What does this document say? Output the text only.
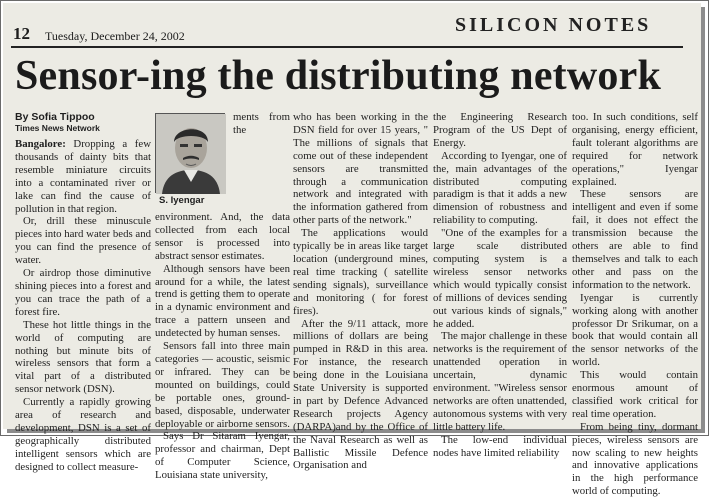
12 Tuesday, December 24, 2002	SILICON NOTES
Sensor-ing the distributing network
By Sofia Tippoo
Times News Network

Bangalore: Dropping a few thousands of dainty bits that resemble miniature circuits into a contaminated river or lake can find the cause of pollution in that region.

Or, drill these minuscule pieces into hard water beds and you can find the presence of water.

Or airdrop those diminutive shining pieces into a forest and you can trace the path of a forest fire.

These hot little things in the world of computing are nothing but minute bits of wireless sensors that form a vital part of a distributed sensor network (DSN).

Currently a rapidly growing area of research and development, DSN is a set of geographically distributed intelligent sensors which are designed to collect measure-

S. Iyengar

ments from the environment. And, the data collected from each local sensor is processed into abstract sensor estimates.

Although sensors have been around for a while, the latest trend is getting them to operate in a dynamic environment and trace a pattern unseen and undetected by human senses.

Sensors fall into three main categories — acoustic, seismic or infrared. They can be mounted on buildings, could be portable ones, ground-based, disposable, underwater deployable or airborne sensors.

Says Dr Sitaram Iyengar, professor and chairman, Dept of Computer Science, Louisiana state university,

who has been working in the DSN field for over 15 years, " The millions of signals that come out of these independent sensors are transmitted through a communication network and integrated with the information gathered from other parts of the network."

The applications would typically be in areas like target location (underground mines, real time tracking ( satellite sending signals), surveillance and monitoring ( for forest fires).

After the 9/11 attack, more millions of dollars are being pumped in R&D in this area. For instance, the research being done in the Louisiana State University is supported in part by Defence Advanced Research projects Agency (DARPA)and by the Office of the Naval Research as well as Ballistic Missile Defence Organisation and

the Engineering Research Program of the US Dept of Energy.

According to Iyengar, one of the, main advantages of the distributed computing paradigm is that it adds a new dimension of robustness and reliability to computing.

"One of the examples for a large scale distributed computing system is a wireless sensor networks which would typically consist of millions of devices sending out various kinds of signals," he added.

The major challenge in these networks is the requirement of unattended operation in uncertain, dynamic environment. "Wireless sensor networks are often unattended, autonomous systems with very little battery life.

The low-end individual nodes have limited reliability

too. In such conditions, self organising, energy efficient, fault tolerant algorithms are required for network operations," Iyengar explained.

These sensors are intelligent and even if some fail, it does not effect the transmission because the others are able to find themselves and talk to each other and pass on the information to the network.

Iyengar is currently working along with another professor Dr Srikumar, on a book that would contain all the sensor networks of the world.

This would contain enormous amount of classified work critical for real time operation.

From being tiny, dormant pieces, wireless sensors are now scaling to new heights and innovative applications in the high performance world of computing.
